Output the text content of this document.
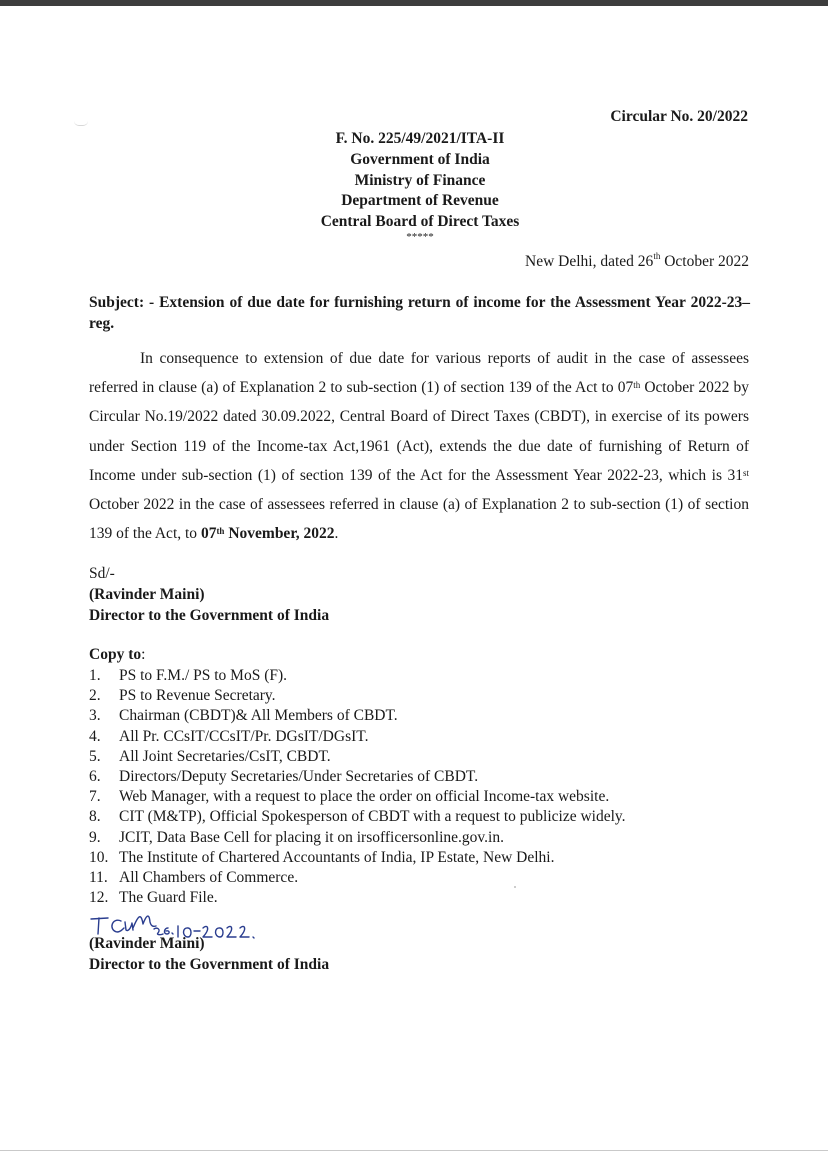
Circular No. 20/2022
F. No. 225/49/2021/ITA-II
Government of India
Ministry of Finance
Department of Revenue
Central Board of Direct Taxes
*****
New Delhi, dated 26th October 2022
Subject: - Extension of due date for furnishing return of income for the Assessment Year 2022-23– reg.

In consequence to extension of due date for various reports of audit in the case of assessees referred in clause (a) of Explanation 2 to sub-section (1) of section 139 of the Act to 07th October 2022 by Circular No.19/2022 dated 30.09.2022, Central Board of Direct Taxes (CBDT), in exercise of its powers under Section 119 of the Income-tax Act,1961 (Act), extends the due date of furnishing of Return of Income under sub-section (1) of section 139 of the Act for the Assessment Year 2022-23, which is 31st October 2022 in the case of assessees referred in clause (a) of Explanation 2 to sub-section (1) of section 139 of the Act, to 07th November, 2022.

Sd/-
(Ravinder Maini)
Director to the Government of India
Copy to:
1. PS to F.M./ PS to MoS (F).
2. PS to Revenue Secretary.
3. Chairman (CBDT)& All Members of CBDT.
4. All Pr. CCsIT/CCsIT/Pr. DGsIT/DGsIT.
5. All Joint Secretaries/CsIT, CBDT.
6. Directors/Deputy Secretaries/Under Secretaries of CBDT.
7. Web Manager, with a request to place the order on official Income-tax website.
8. CIT (M&TP), Official Spokesperson of CBDT with a request to publicize widely.
9. JCIT, Data Base Cell for placing it on irsofficersonline.gov.in.
10. The Institute of Chartered Accountants of India, IP Estate, New Delhi.
11. All Chambers of Commerce.
12. The Guard File.
(Ravinder Maini)
Director to the Government of India
